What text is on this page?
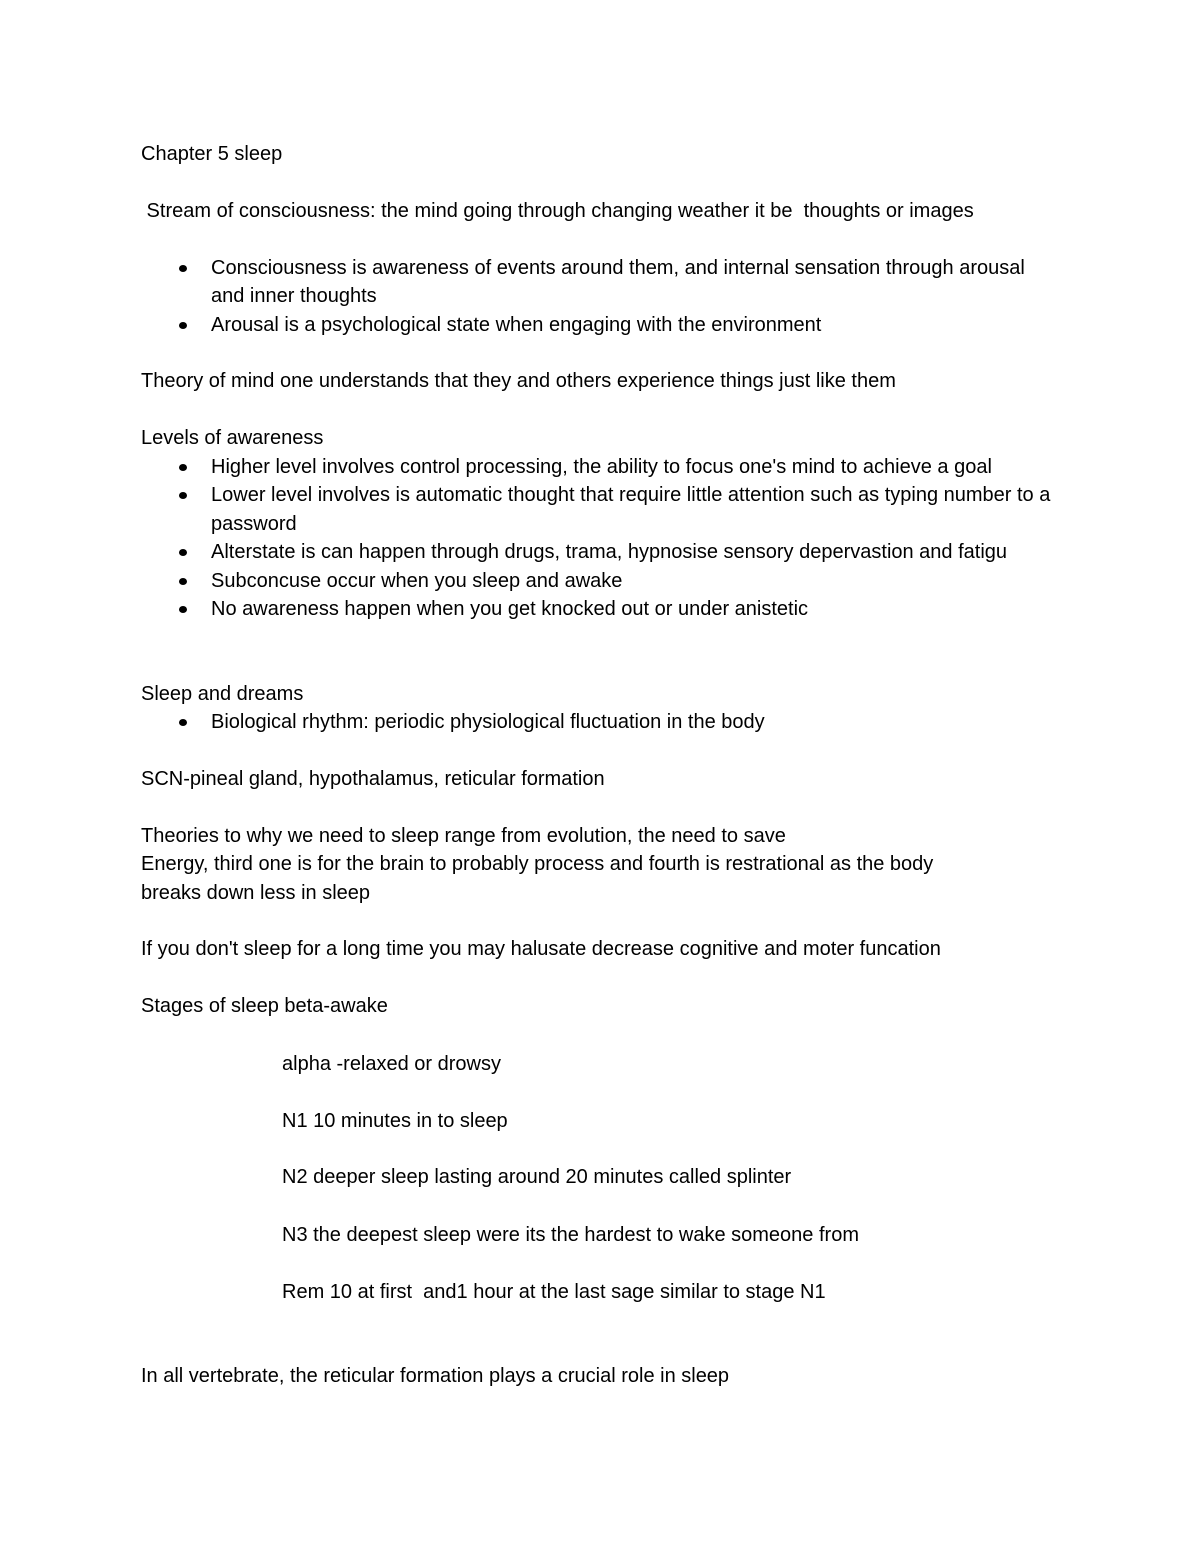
Chapter 5 sleep
Stream of consciousness: the mind going through changing weather it be  thoughts or images
Consciousness is awareness of events around them, and internal sensation through arousal and inner thoughts
Arousal is a psychological state when engaging with the environment
Theory of mind one understands that they and others experience things just like them
Levels of awareness
Higher level involves control processing, the ability to focus one's mind to achieve a goal
Lower level involves is automatic thought that require little attention such as typing number to a password
Alterstate is can happen through drugs, trama, hypnosise sensory depervastion and fatigu
Subconcuse occur when you sleep and awake
No awareness happen when you get knocked out or under anistetic
Sleep and dreams
Biological rhythm: periodic physiological fluctuation in the body
SCN-pineal gland, hypothalamus, reticular formation
Theories to why we need to sleep range from evolution, the need to save
Energy, third one is for the brain to probably process and fourth is restrational as the body
breaks down less in sleep
If you don't sleep for a long time you may halusate decrease cognitive and moter funcation
Stages of sleep beta-awake
alpha -relaxed or drowsy
N1 10 minutes in to sleep
N2 deeper sleep lasting around 20 minutes called splinter
N3 the deepest sleep were its the hardest to wake someone from
Rem 10 at first  and1 hour at the last sage similar to stage N1
In all vertebrate, the reticular formation plays a crucial role in sleep
